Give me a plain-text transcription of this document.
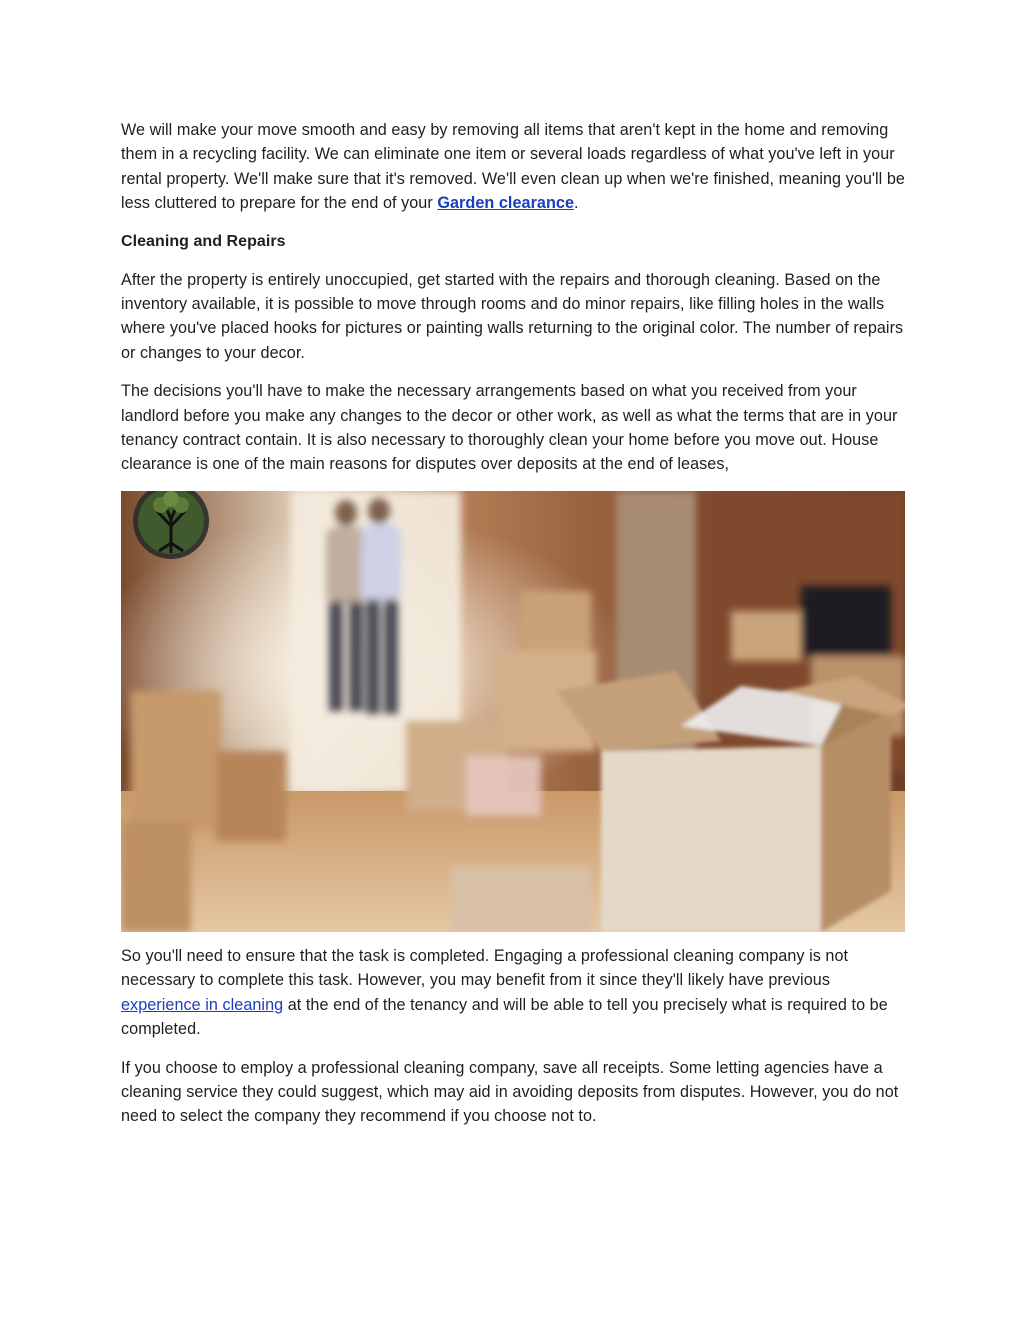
We will make your move smooth and easy by removing all items that aren't kept in the home and removing them in a recycling facility. We can eliminate one item or several loads regardless of what you've left in your rental property. We'll make sure that it's removed. We'll even clean up when we're finished, meaning you'll be less cluttered to prepare for the end of your Garden clearance.

Cleaning and Repairs

After the property is entirely unoccupied, get started with the repairs and thorough cleaning. Based on the inventory available, it is possible to move through rooms and do minor repairs, like filling holes in the walls where you've placed hooks for pictures or painting walls returning to the original color. The number of repairs or changes to your decor.

The decisions you'll have to make the necessary arrangements based on what you received from your landlord before you make any changes to the decor or other work, as well as what the terms that are in your tenancy contract contain. It is also necessary to thoroughly clean your home before you move out. House clearance is one of the main reasons for disputes over deposits at the end of leases,

So you'll need to ensure that the task is completed. Engaging a professional cleaning company is not necessary to complete this task. However, you may benefit from it since they'll likely have previous experience in cleaning at the end of the tenancy and will be able to tell you precisely what is required to be completed.

If you choose to employ a professional cleaning company, save all receipts. Some letting agencies have a cleaning service they could suggest, which may aid in avoiding deposits from disputes. However, you do not need to select the company they recommend if you choose not to.
